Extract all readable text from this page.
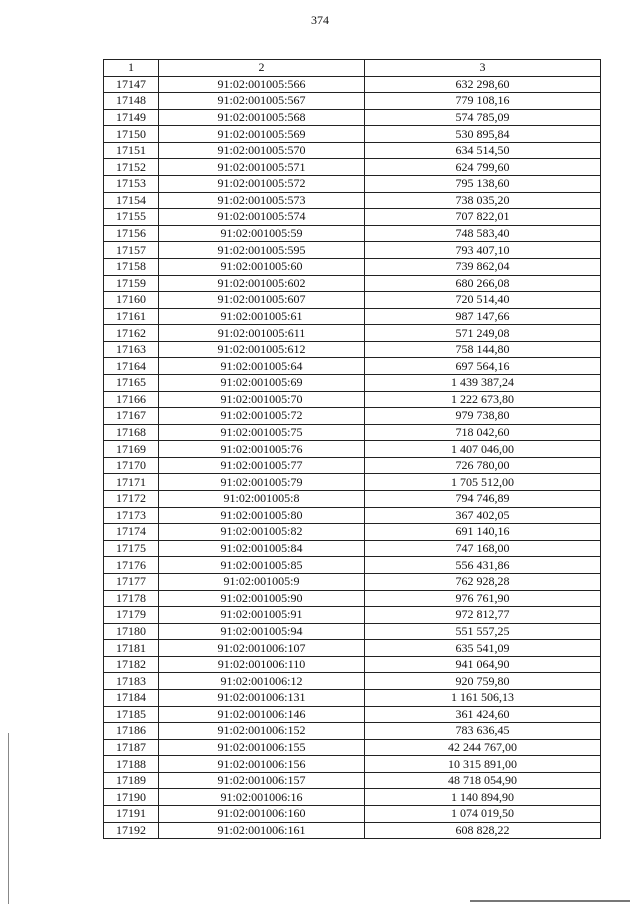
374
1	2	3
17147	91:02:001005:566	632 298,60
17148	91:02:001005:567	779 108,16
17149	91:02:001005:568	574 785,09
17150	91:02:001005:569	530 895,84
17151	91:02:001005:570	634 514,50
17152	91:02:001005:571	624 799,60
17153	91:02:001005:572	795 138,60
17154	91:02:001005:573	738 035,20
17155	91:02:001005:574	707 822,01
17156	91:02:001005:59	748 583,40
17157	91:02:001005:595	793 407,10
17158	91:02:001005:60	739 862,04
17159	91:02:001005:602	680 266,08
17160	91:02:001005:607	720 514,40
17161	91:02:001005:61	987 147,66
17162	91:02:001005:611	571 249,08
17163	91:02:001005:612	758 144,80
17164	91:02:001005:64	697 564,16
17165	91:02:001005:69	1 439 387,24
17166	91:02:001005:70	1 222 673,80
17167	91:02:001005:72	979 738,80
17168	91:02:001005:75	718 042,60
17169	91:02:001005:76	1 407 046,00
17170	91:02:001005:77	726 780,00
17171	91:02:001005:79	1 705 512,00
17172	91:02:001005:8	794 746,89
17173	91:02:001005:80	367 402,05
17174	91:02:001005:82	691 140,16
17175	91:02:001005:84	747 168,00
17176	91:02:001005:85	556 431,86
17177	91:02:001005:9	762 928,28
17178	91:02:001005:90	976 761,90
17179	91:02:001005:91	972 812,77
17180	91:02:001005:94	551 557,25
17181	91:02:001006:107	635 541,09
17182	91:02:001006:110	941 064,90
17183	91:02:001006:12	920 759,80
17184	91:02:001006:131	1 161 506,13
17185	91:02:001006:146	361 424,60
17186	91:02:001006:152	783 636,45
17187	91:02:001006:155	42 244 767,00
17188	91:02:001006:156	10 315 891,00
17189	91:02:001006:157	48 718 054,90
17190	91:02:001006:16	1 140 894,90
17191	91:02:001006:160	1 074 019,50
17192	91:02:001006:161	608 828,22
